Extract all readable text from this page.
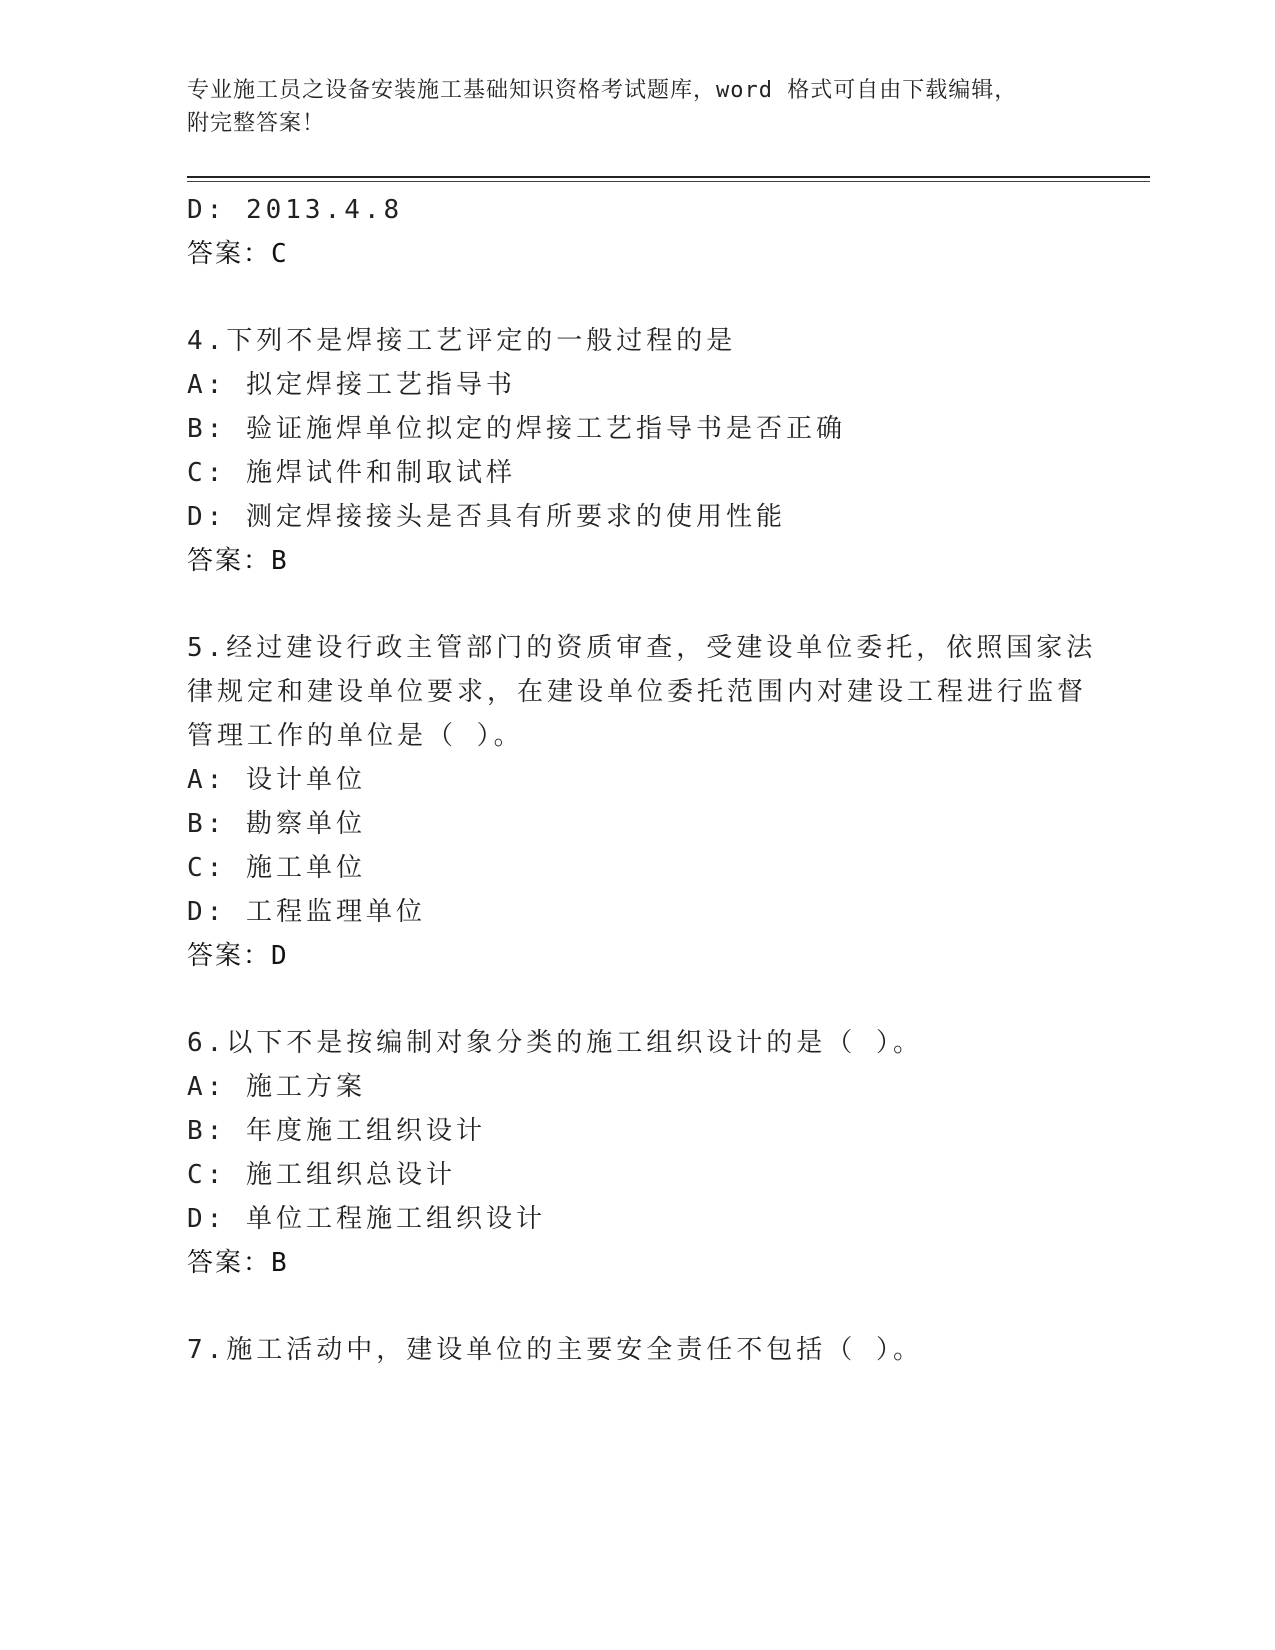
专业施工员之设备安装施工基础知识资格考试题库，word 格式可自由下载编辑，
附完整答案！
D: 2013.4.8
答案：C
4.下列不是焊接工艺评定的一般过程的是
A: 拟定焊接工艺指导书
B: 验证施焊单位拟定的焊接工艺指导书是否正确
C: 施焊试件和制取试样
D: 测定焊接接头是否具有所要求的使用性能
答案：B
5.经过建设行政主管部门的资质审查，受建设单位委托，依照国家法
律规定和建设单位要求，在建设单位委托范围内对建设工程进行监督
管理工作的单位是（ ）。
A: 设计单位
B: 勘察单位
C: 施工单位
D: 工程监理单位
答案：D
6.以下不是按编制对象分类的施工组织设计的是（ ）。
A: 施工方案
B: 年度施工组织设计
C: 施工组织总设计
D: 单位工程施工组织设计
答案：B
7.施工活动中，建设单位的主要安全责任不包括（ ）。
